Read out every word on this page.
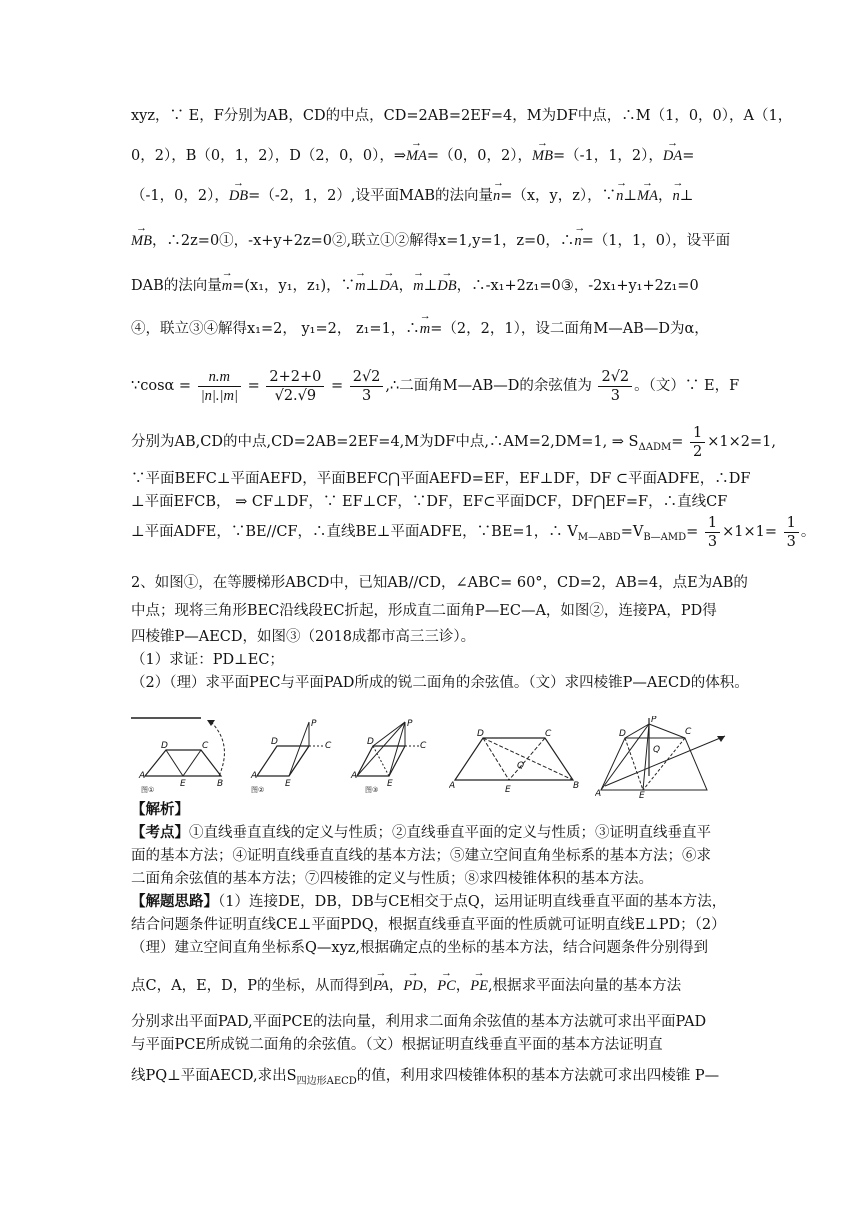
xyz，∵ E，F分别为AB，CD的中点，CD=2AB=2EF=4，M为DF中点，∴M（1，0，0），A（1，
0，2），B（0，1，2），D（2，0，0），⇒→ MA=（0，0，2），→ MB=（-1，1，2），→ DA=
（-1，0，2），→ DB=（-2，1，2）,设平面MAB的法向量→ n=（x，y，z），∵→ n⊥→ MA，→ n⊥
→ MB，∴2z=0①，-x+y+2z=0②,联立①②解得x=1,y=1，z=0，∴→ n=（1，1，0），设平面
DAB的法向量→ m=(x₁，y₁，z₁)，∵→ m⊥→ DA，→ m⊥→ DB，∴-x₁+2z₁=0③，-2x₁+y₁+2z₁=0
④，联立③④解得x₁=2， y₁=2， z₁=1，∴→ m=（2，2，1），设二面角M—AB—D为α，
∵cosα = $\frac{n.m}{|n|.|m|} = \frac{2+2+0}{√2.√9} = \frac{2√2}{3}$ ,∴二面角M—AB—D的余弦值为 $\frac{2√2}{3}$ 。（文）∵ E，F
分别为AB,CD的中点,CD=2AB=2EF=4,M为DF中点,∴AM=2,DM=1, ⇒ $S_{\Delta ADM}= \frac{1}{2} \times 1\times 2=1$,
∵平面BEFC⊥平面AEFD，平面BEFC⋂平面AEFD=EF，EF⊥DF，DF ⊂平面ADFE，∴DF
⊥平面EFCB， ⇒ CF⊥DF，∵ EF⊥CF，∵DF，EF⊂平面DCF，DF⋂EF=F，∴直线CF
⊥平面ADFE，∵BE//CF，∴直线BE⊥平面ADFE，∵BE=1，∴ $V_{M—ABD}=V_{B—AMD}= \frac{1}{3} \times 1\times 1= \frac{1}{3}$ 。
2、如图①，在等腰梯形ABCD中，已知AB//CD，∠ABC= 60°，CD=2，AB=4，点E为AB的
中点；现将三角形BEC沿线段EC折起，形成直二面角P—EC—A，如图②，连接PA，PD得
四棱锥P—AECD，如图③（2018成都市高三三诊）。
（1）求证：PD⊥EC；
（2）（理）求平面PEC与平面PAD所成的锐二面角的余弦值。（文）求四棱锥P—AECD的体积。
D	C
A
E	B
图①
P
D	C
A
E
图②
P
D	C
A
E
图③
D	C
A	E	B
Q
P
D	C
A	E
Q
【解析】
【考点】①直线垂直直线的定义与性质；②直线垂直平面的定义与性质；③证明直线垂直平
面的基本方法；④证明直线垂直直线的基本方法；⑤建立空间直角坐标系的基本方法；⑥求
二面角余弦值的基本方法；⑦四棱锥的定义与性质；⑧求四棱锥体积的基本方法。
【解题思路】（1）连接DE，DB，DB与CE相交于点Q，运用证明直线垂直平面的基本方法，
结合问题条件证明直线CE⊥平面PDQ，根据直线垂直平面的性质就可证明直线E⊥PD；（2）
（理）建立空间直角坐标系Q—xyz,根据确定点的坐标的基本方法，结合问题条件分别得到
点C，A，E，D，P的坐标，从而得到→ PA，→ PD，→ PC，→ PE,根据求平面法向量的基本方法
分别求出平面PAD,平面PCE的法向量，利用求二面角余弦值的基本方法就可求出平面PAD
与平面PCE所成锐二面角的余弦值。（文）根据证明直线垂直平面的基本方法证明直
线PQ⊥平面AECD,求出$S_{四边形AECD}$的值，利用求四棱锥体积的基本方法就可求出四棱锥 P—
